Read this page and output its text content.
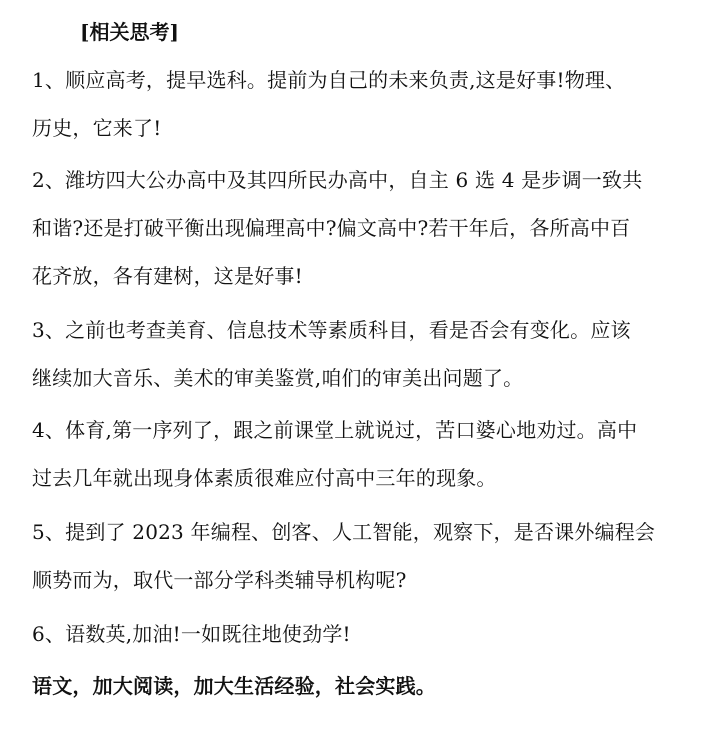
[相关思考]
1、顺应高考，提早选科。提前为自己的未来负责,这是好事!物理、
历史，它来了!
2、潍坊四大公办高中及其四所民办高中，自主 6 选 4 是步调一致共
和谐?还是打破平衡出现偏理高中?偏文高中?若干年后，各所高中百
花齐放，各有建树，这是好事!
3、之前也考查美育、信息技术等素质科目，看是否会有变化。应该
继续加大音乐、美术的审美鉴赏,咱们的审美出问题了。
4、体育,第一序列了，跟之前课堂上就说过，苦口婆心地劝过。高中
过去几年就出现身体素质很难应付高中三年的现象。
5、提到了 2023 年编程、创客、人工智能，观察下，是否课外编程会
顺势而为，取代一部分学科类辅导机构呢?
6、语数英,加油!一如既往地使劲学!
语文，加大阅读，加大生活经验，社会实践。
